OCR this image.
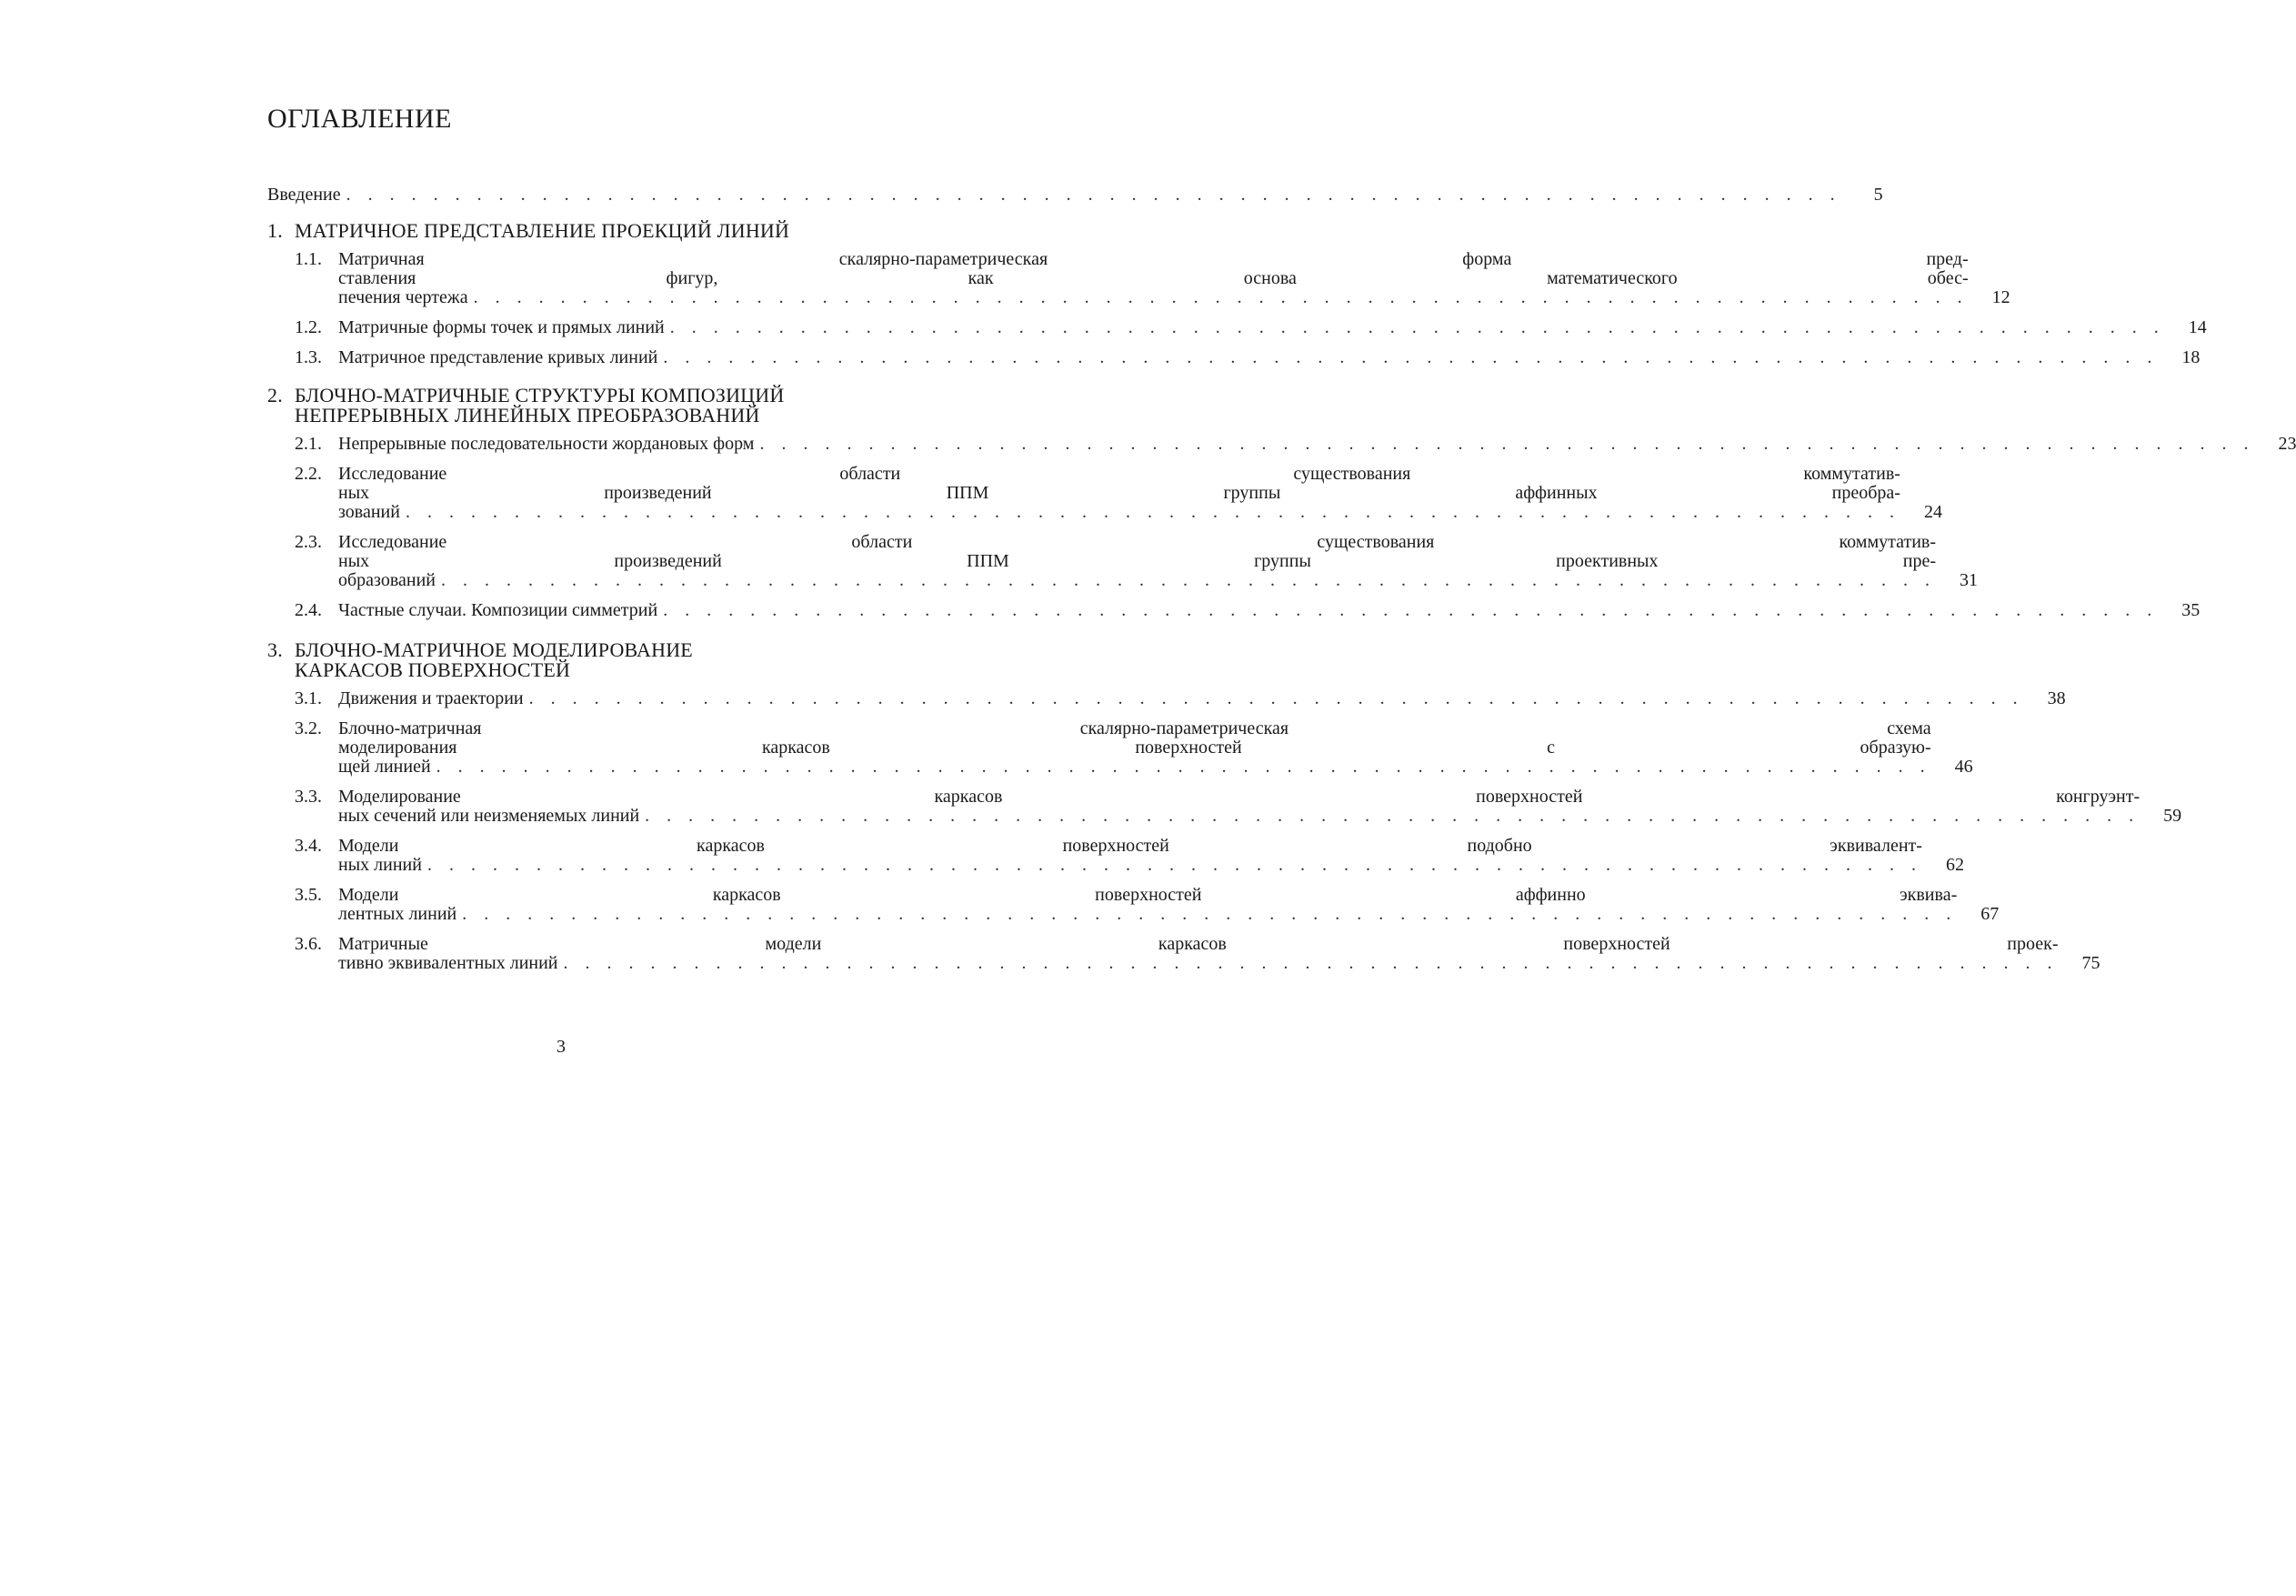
ОГЛАВЛЕНИЕ
Введение . . .	5
1. МАТРИЧНОЕ ПРЕДСТАВЛЕНИЕ ПРОЕКЦИЙ ЛИНИЙ
1.1. Матричная скалярно-параметрическая форма пред-
ставления фигур, как основа математического обес-
печения чертежа . . .	12
1.2. Матричные формы точек и прямых линий . . .	14
1.3. Матричное представление кривых линий . . .	18
2. БЛОЧНО-МАТРИЧНЫЕ СТРУКТУРЫ КОМПОЗИЦИЙ
НЕПРЕРЫВНЫХ ЛИНЕЙНЫХ ПРЕОБРАЗОВАНИЙ
2.1. Непрерывные последовательности жордановых форм . . .	23
2.2. Исследование области существования коммутатив-
ных произведений ППМ группы аффинных преобра-
зований . . .	24
2.3. Исследование области существования коммутатив-
ных произведений ППМ группы проективных пре-
образований . . .	31
2.4. Частные случаи. Композиции симметрий . . .	35
3. БЛОЧНО-МАТРИЧНОЕ МОДЕЛИРОВАНИЕ
КАРКАСОВ ПОВЕРХНОСТЕЙ
3.1. Движения и траектории . . .	38
3.2. Блочно-матричная скалярно-параметрическая схема
моделирования каркасов поверхностей с образую-
щей линией . . .	46
3.3. Моделирование каркасов поверхностей конгруэнт-
ных сечений или неизменяемых линий . . .	59
3.4. Модели каркасов поверхностей подобно эквивалент-
ных линий . . .	62
3.5. Модели каркасов поверхностей аффинно эквива-
лентных линий . . .	67
3.6. Матричные модели каркасов поверхностей проек-
тивно эквивалентных линий . . .	75
3
